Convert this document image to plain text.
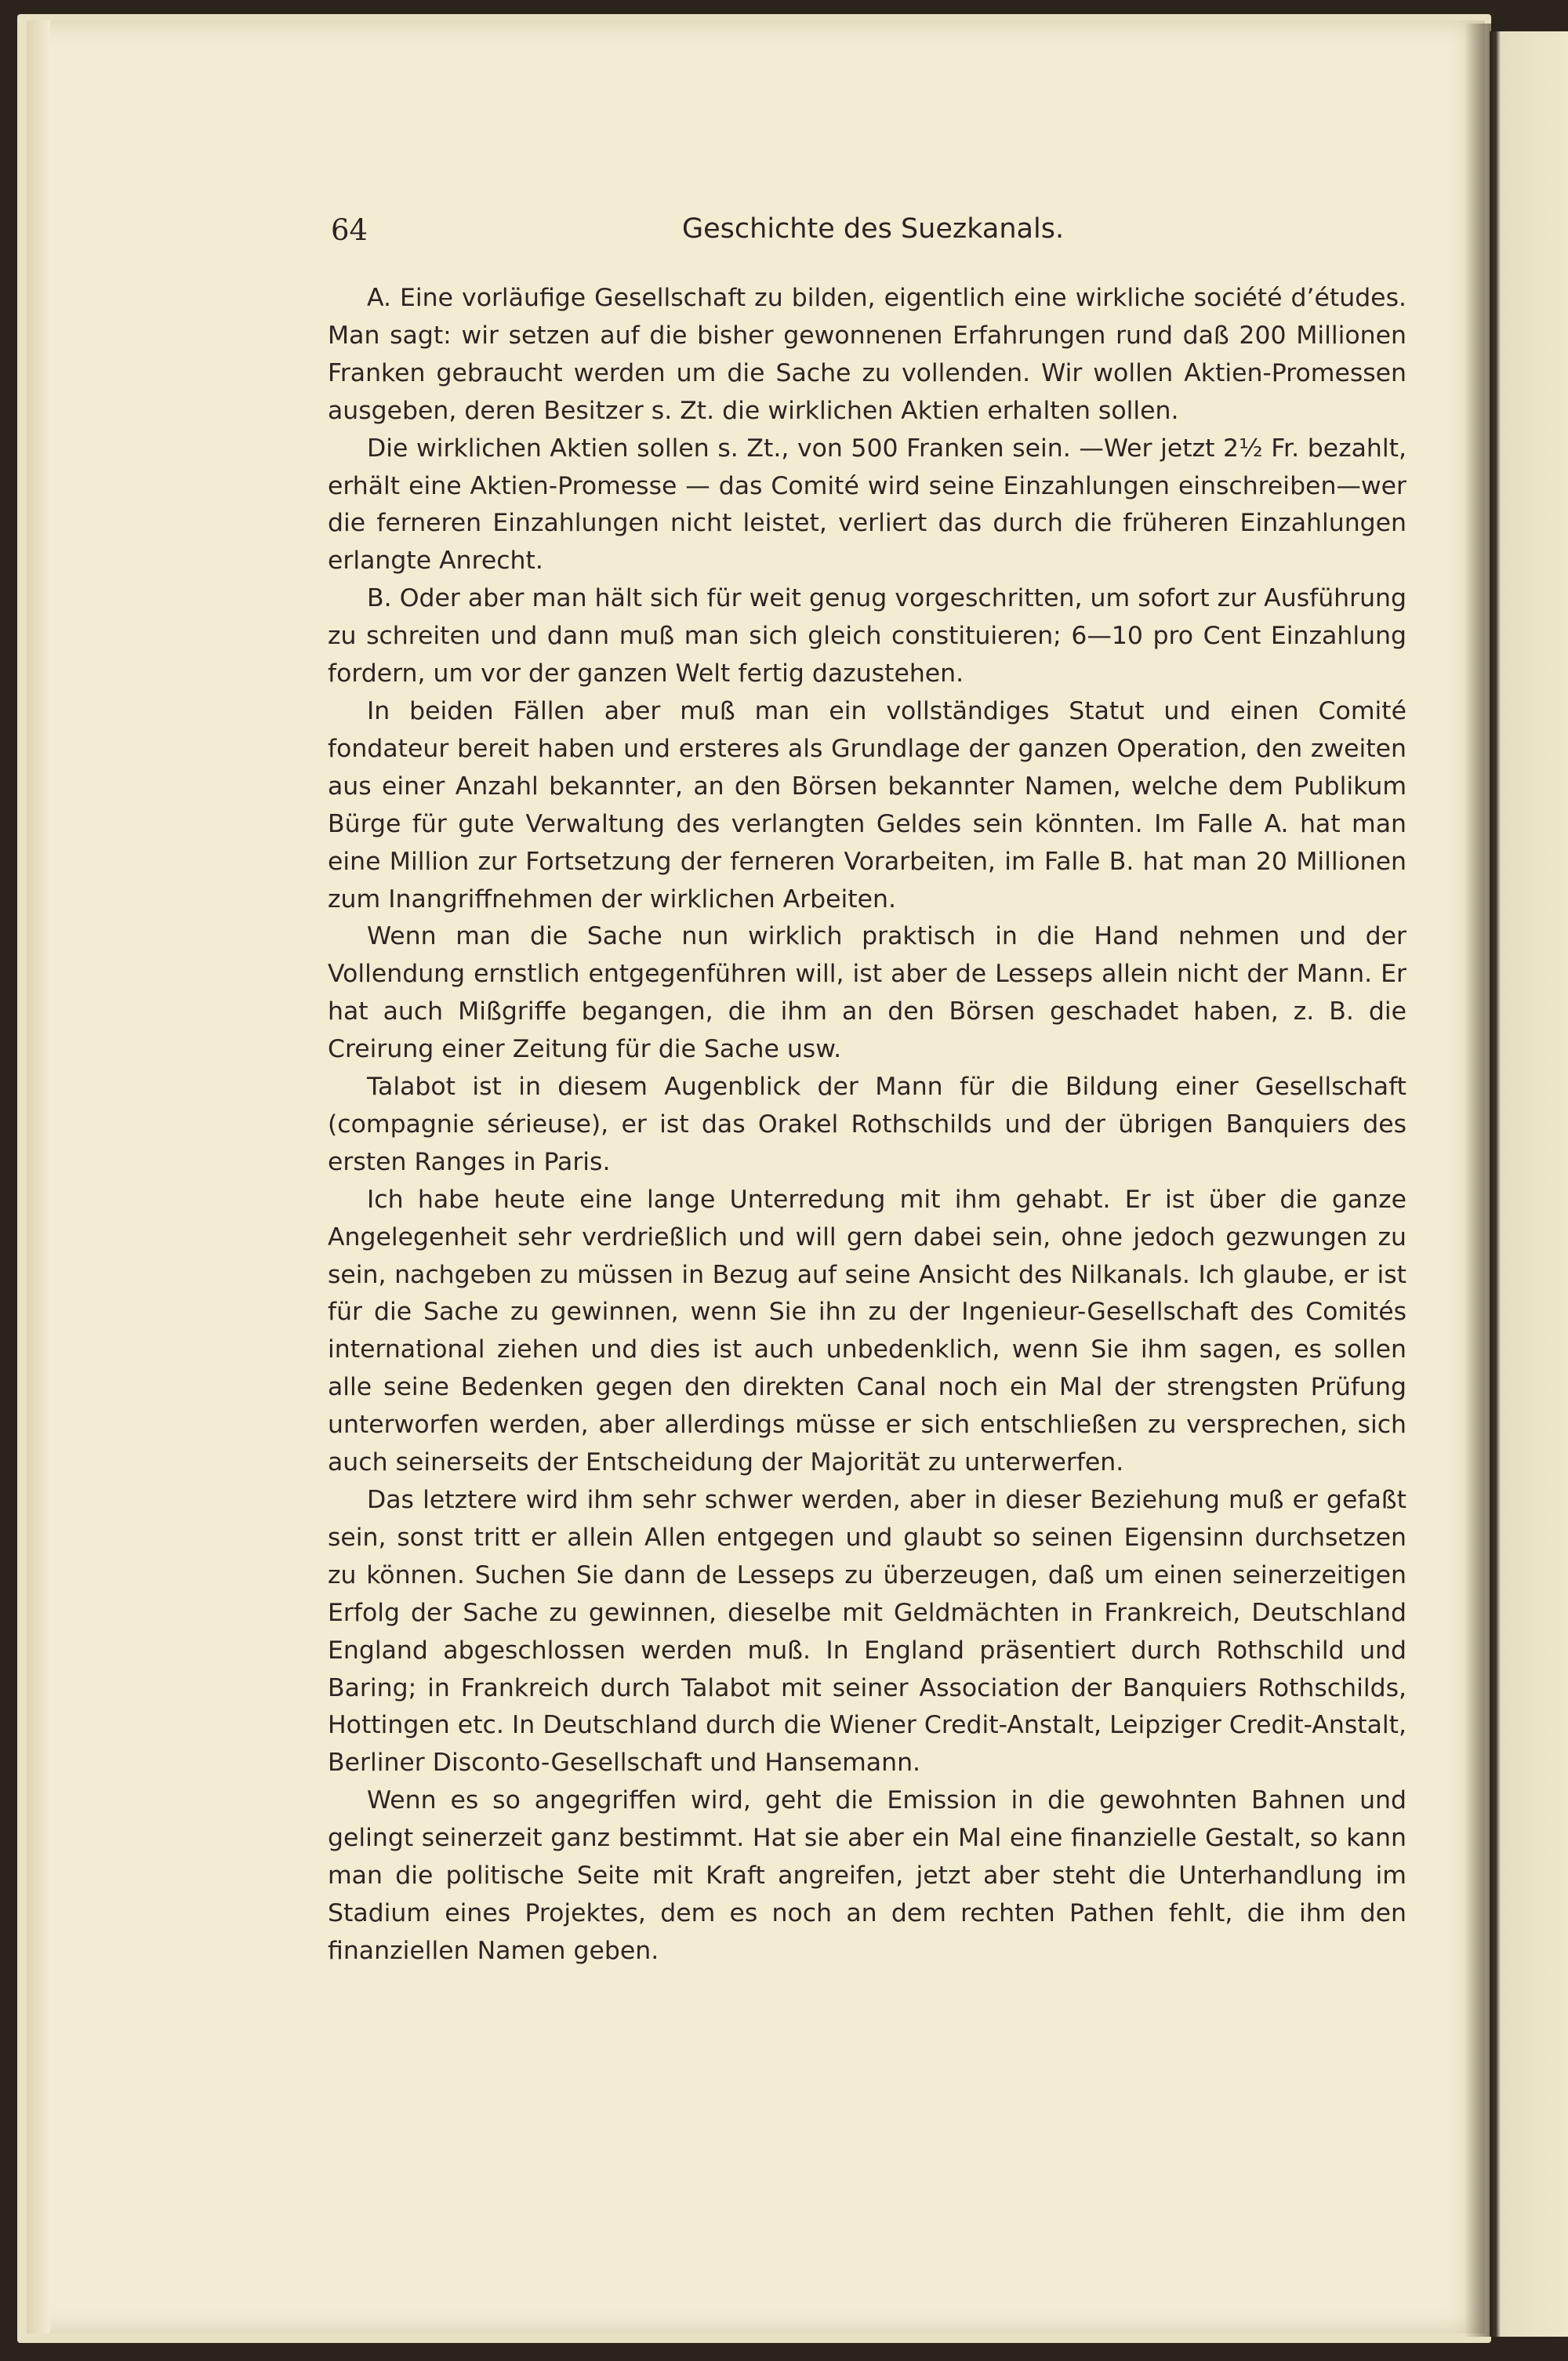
64	Geschichte des Suezkanals.

A. Eine vorläufige Gesellschaft zu bilden, eigentlich eine wirkliche société d’études. Man sagt: wir setzen auf die bisher gewonnenen Erfahrungen rund daß 200 Millionen Franken gebraucht werden um die Sache zu vollenden. Wir wollen Aktien-Promessen ausgeben, deren Besitzer s. Zt. die wirklichen Aktien erhalten sollen.

Die wirklichen Aktien sollen s. Zt., von 500 Franken sein. —Wer jetzt 2½ Fr. bezahlt, erhält eine Aktien-Promesse — das Comité wird seine Einzahlungen einschreiben—wer die ferneren Einzahlungen nicht leistet, verliert das durch die früheren Einzahlungen erlangte Anrecht.

B. Oder aber man hält sich für weit genug vorgeschritten, um sofort zur Ausführung zu schreiten und dann muß man sich gleich constituieren; 6—10 pro Cent Einzahlung fordern, um vor der ganzen Welt fertig dazustehen.

In beiden Fällen aber muß man ein vollständiges Statut und einen Comité fondateur bereit haben und ersteres als Grundlage der ganzen Operation, den zweiten aus einer Anzahl bekannter, an den Börsen bekannter Namen, welche dem Publikum Bürge für gute Verwaltung des verlangten Geldes sein könnten. Im Falle A. hat man eine Million zur Fortsetzung der ferneren Vorarbeiten, im Falle B. hat man 20 Millionen zum Inangriffnehmen der wirklichen Arbeiten.

Wenn man die Sache nun wirklich praktisch in die Hand nehmen und der Vollendung ernstlich entgegenführen will, ist aber de Lesseps allein nicht der Mann. Er hat auch Mißgriffe begangen, die ihm an den Börsen geschadet haben, z. B. die Creirung einer Zeitung für die Sache usw.

Talabot ist in diesem Augenblick der Mann für die Bildung einer Gesellschaft (compagnie sérieuse), er ist das Orakel Rothschilds und der übrigen Banquiers des ersten Ranges in Paris.

Ich habe heute eine lange Unterredung mit ihm gehabt. Er ist über die ganze Angelegenheit sehr verdrießlich und will gern dabei sein, ohne jedoch gezwungen zu sein, nachgeben zu müssen in Bezug auf seine Ansicht des Nilkanals. Ich glaube, er ist für die Sache zu gewinnen, wenn Sie ihn zu der Ingenieur-Gesellschaft des Comités international ziehen und dies ist auch unbedenklich, wenn Sie ihm sagen, es sollen alle seine Bedenken gegen den direkten Canal noch ein Mal der strengsten Prüfung unterworfen werden, aber allerdings müsse er sich entschließen zu versprechen, sich auch seinerseits der Entscheidung der Majorität zu unterwerfen.

Das letztere wird ihm sehr schwer werden, aber in dieser Beziehung muß er gefaßt sein, sonst tritt er allein Allen entgegen und glaubt so seinen Eigensinn durchsetzen zu können. Suchen Sie dann de Lesseps zu überzeugen, daß um einen seinerzeitigen Erfolg der Sache zu gewinnen, dieselbe mit Geldmächten in Frankreich, Deutschland England abgeschlossen werden muß. In England präsentiert durch Rothschild und Baring; in Frankreich durch Talabot mit seiner Association der Banquiers Rothschilds, Hottingen etc. In Deutschland durch die Wiener Credit-Anstalt, Leipziger Credit-Anstalt, Berliner Disconto-Gesellschaft und Hansemann.

Wenn es so angegriffen wird, geht die Emission in die gewohnten Bahnen und gelingt seinerzeit ganz bestimmt. Hat sie aber ein Mal eine finanzielle Gestalt, so kann man die politische Seite mit Kraft angreifen, jetzt aber steht die Unterhandlung im Stadium eines Projektes, dem es noch an dem rechten Pathen fehlt, die ihm den finanziellen Namen geben.
